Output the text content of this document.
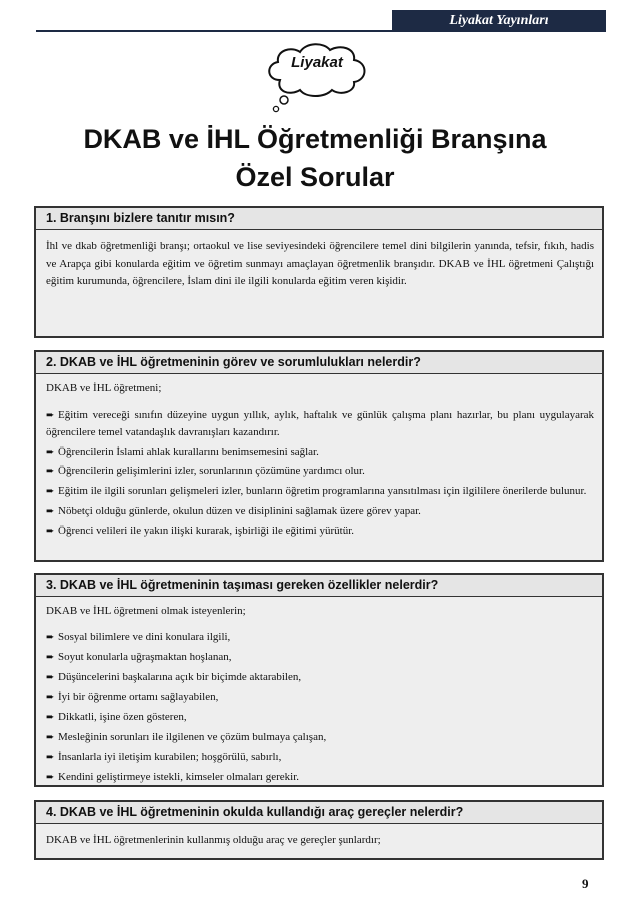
Liyakat Yayınları
Liyakat
DKAB ve İHL Öğretmenliği Branşına
Özel Sorular
1. Branşını bizlere tanıtır mısın?

İhl ve dkab öğretmenliği branşı; ortaokul ve lise seviyesindeki öğrencilere temel dini bilgilerin yanında, tefsir, fıkıh, hadis ve Arapça gibi konularda eğitim ve öğretim sunmayı amaçlayan öğretmenlik branşıdır. DKAB ve İHL öğretmeni Çalıştığı eğitim kurumunda, öğrencilere, İslam dini ile ilgili konularda eğitim veren kişidir.

2. DKAB ve İHL öğretmeninin görev ve sorumlulukları nelerdir?

DKAB ve İHL öğretmeni;

➨ Eğitim vereceği sınıfın düzeyine uygun yıllık, aylık, haftalık ve günlük çalışma planı hazırlar, bu planı uygulayarak öğrencilere temel vatandaşlık davranışları kazandırır.

➨ Öğrencilerin İslami ahlak kurallarını benimsemesini sağlar.

➨ Öğrencilerin gelişimlerini izler, sorunlarının çözümüne yardımcı olur.

➨ Eğitim ile ilgili sorunları gelişmeleri izler, bunların öğretim programlarına yansıtılması için ilgililere önerilerde bulunur.

➨ Nöbetçi olduğu günlerde, okulun düzen ve disiplinini sağlamak üzere görev yapar.

➨ Öğrenci velileri ile yakın ilişki kurarak, işbirliği ile eğitimi yürütür.

3. DKAB ve İHL öğretmeninin taşıması gereken özellikler nelerdir?

DKAB ve İHL öğretmeni olmak isteyenlerin;

➨ Sosyal bilimlere ve dini konulara ilgili,

➨ Soyut konularla uğraşmaktan hoşlanan,

➨ Düşüncelerini başkalarına açık bir biçimde aktarabilen,

➨ İyi bir öğrenme ortamı sağlayabilen,

➨ Dikkatli, işine özen gösteren,

➨ Mesleğinin sorunları ile ilgilenen ve çözüm bulmaya çalışan,

➨ İnsanlarla iyi iletişim kurabilen; hoşgörülü, sabırlı,

➨ Kendini geliştirmeye istekli, kimseler olmaları gerekir.

4. DKAB ve İHL öğretmeninin okulda kullandığı araç gereçler nelerdir?

DKAB ve İHL öğretmenlerinin kullanmış olduğu araç ve gereçler şunlardır;

9
